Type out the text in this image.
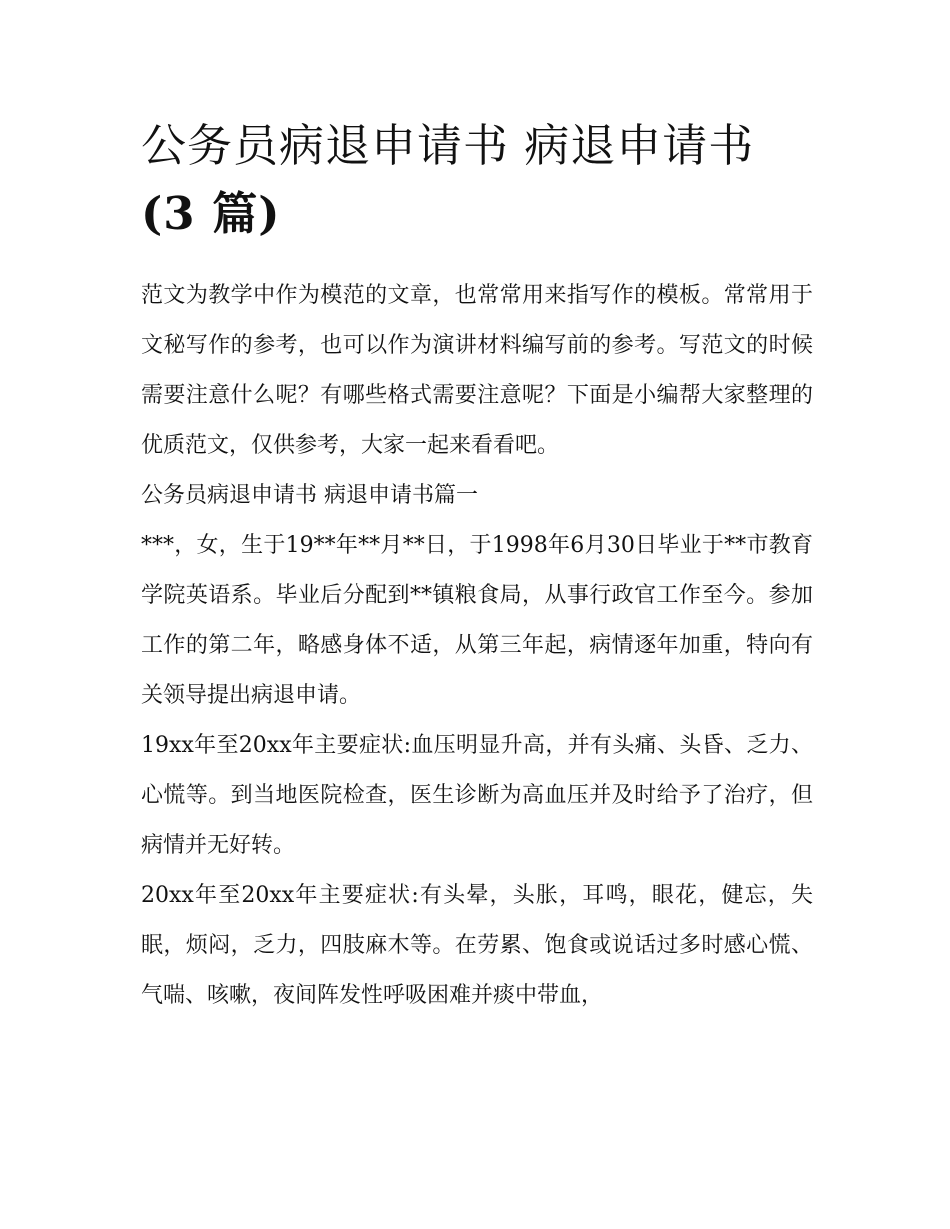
公务员病退申请书 病退申请书
(3 篇)

范文为教学中作为模范的文章，也常常用来指写作的模板。常常用于文秘写作的参考，也可以作为演讲材料编写前的参考。写范文的时候需要注意什么呢？有哪些格式需要注意呢？下面是小编帮大家整理的优质范文，仅供参考，大家一起来看看吧。

公务员病退申请书 病退申请书篇一

***，女，生于19**年**月**日，于1998年6月30日毕业于**市教育学院英语系。毕业后分配到**镇粮食局，从事行政官工作至今。参加工作的第二年，略感身体不适，从第三年起，病情逐年加重，特向有关领导提出病退申请。

19xx年至20xx年主要症状:血压明显升高，并有头痛、头昏、乏力、心慌等。到当地医院检查，医生诊断为高血压并及时给予了治疗，但病情并无好转。

20xx年至20xx年主要症状:有头晕，头胀，耳鸣，眼花，健忘，失眠，烦闷，乏力，四肢麻木等。在劳累、饱食或说话过多时感心慌、气喘、咳嗽，夜间阵发性呼吸困难并痰中带血，
